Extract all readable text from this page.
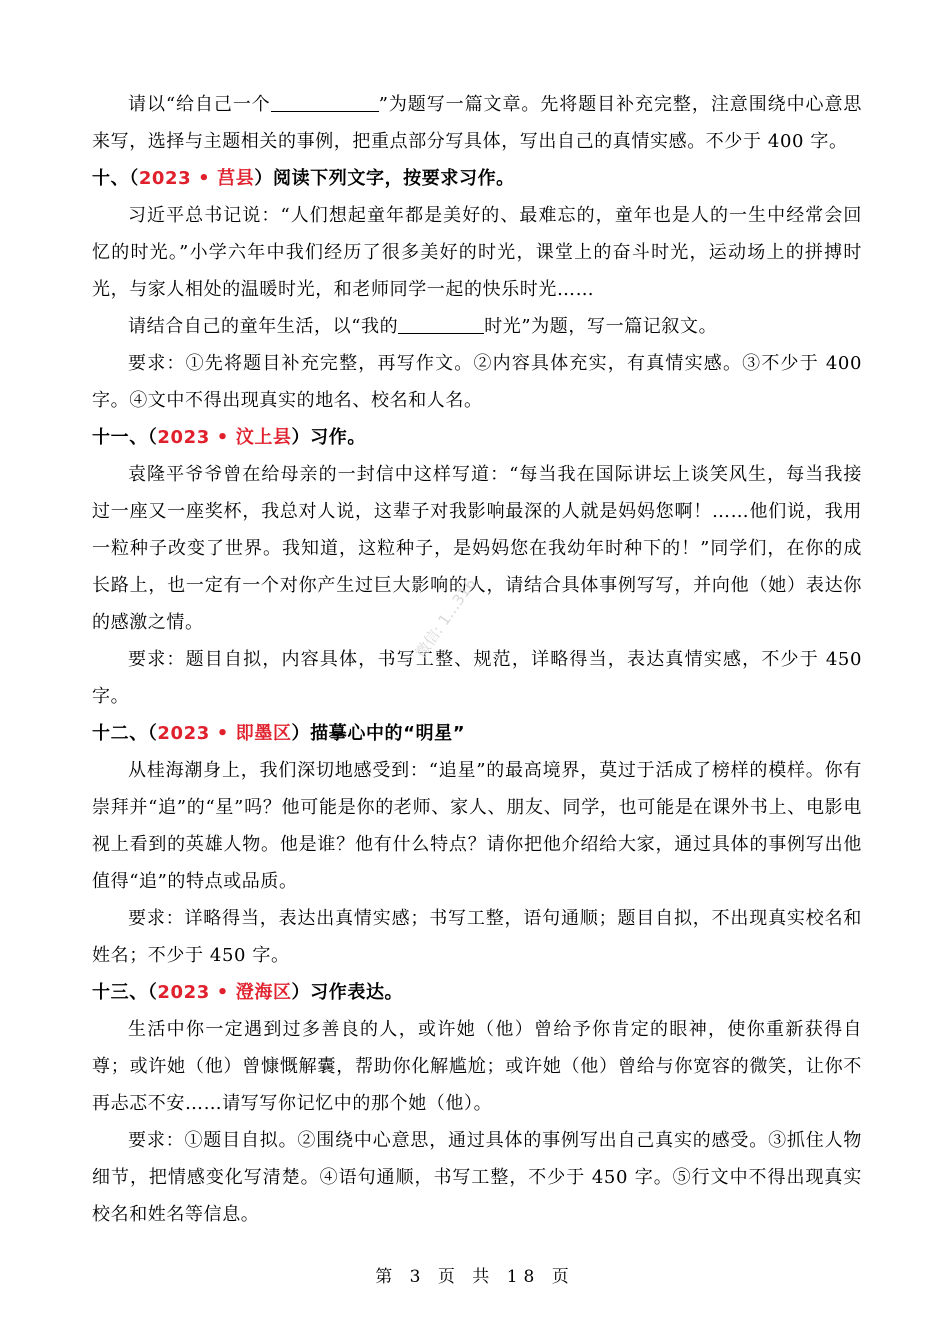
请以“给自己一个	”为题写一篇文章。先将题目补充完整，注意围绕中心意思来写，选择与主题相关的事例，把重点部分写具体，写出自己的真情实感。不少于 400 字。

十、（2023 • 莒县）阅读下列文字，按要求习作。

习近平总书记说：“人们想起童年都是美好的、最难忘的，童年也是人的一生中经常会回忆的时光。”小学六年中我们经历了很多美好的时光，课堂上的奋斗时光，运动场上的拼搏时光，与家人相处的温暖时光，和老师同学一起的快乐时光……

请结合自己的童年生活，以“我的	时光”为题，写一篇记叙文。

要求：①先将题目补充完整，再写作文。②内容具体充实，有真情实感。③不少于 400 字。④文中不得出现真实的地名、校名和人名。

十一、（2023 • 汶上县）习作。

袁隆平爷爷曾在给母亲的一封信中这样写道：“每当我在国际讲坛上谈笑风生，每当我接过一座又一座奖杯，我总对人说，这辈子对我影响最深的人就是妈妈您啊！……他们说，我用一粒种子改变了世界。我知道，这粒种子，是妈妈您在我幼年时种下的！”同学们，在你的成长路上，也一定有一个对你产生过巨大影响的人，请结合具体事例写写，并向他（她）表达你的感激之情。

要求：题目自拟，内容具体，书写工整、规范，详略得当，表达真情实感，不少于 450 字。

十二、（2023 • 即墨区）描摹心中的“明星”

从桂海潮身上，我们深切地感受到：“追星”的最高境界，莫过于活成了榜样的模样。你有崇拜并“追”的“星”吗？他可能是你的老师、家人、朋友、同学，也可能是在课外书上、电影电视上看到的英雄人物。他是谁？他有什么特点？请你把他介绍给大家，通过具体的事例写出他值得“追”的特点或品质。

要求：详略得当，表达出真情实感；书写工整，语句通顺；题目自拟，不出现真实校名和姓名；不少于 450 字。

十三、（2023 • 澄海区）习作表达。

生活中你一定遇到过多善良的人，或许她（他）曾给予你肯定的眼神，使你重新获得自尊；或许她（他）曾慷慨解囊，帮助你化解尴尬；或许她（他）曾给与你宽容的微笑，让你不再忐忑不安……请写写你记忆中的那个她（他）。

要求：①题目自拟。②围绕中心意思，通过具体的事例写出自己真实的感受。③抓住人物细节，把情感变化写清楚。④语句通顺，书写工整，不少于 450 字。⑤行文中不得出现真实校名和姓名等信息。

微信: 1…316
第 3 页 共 18 页
